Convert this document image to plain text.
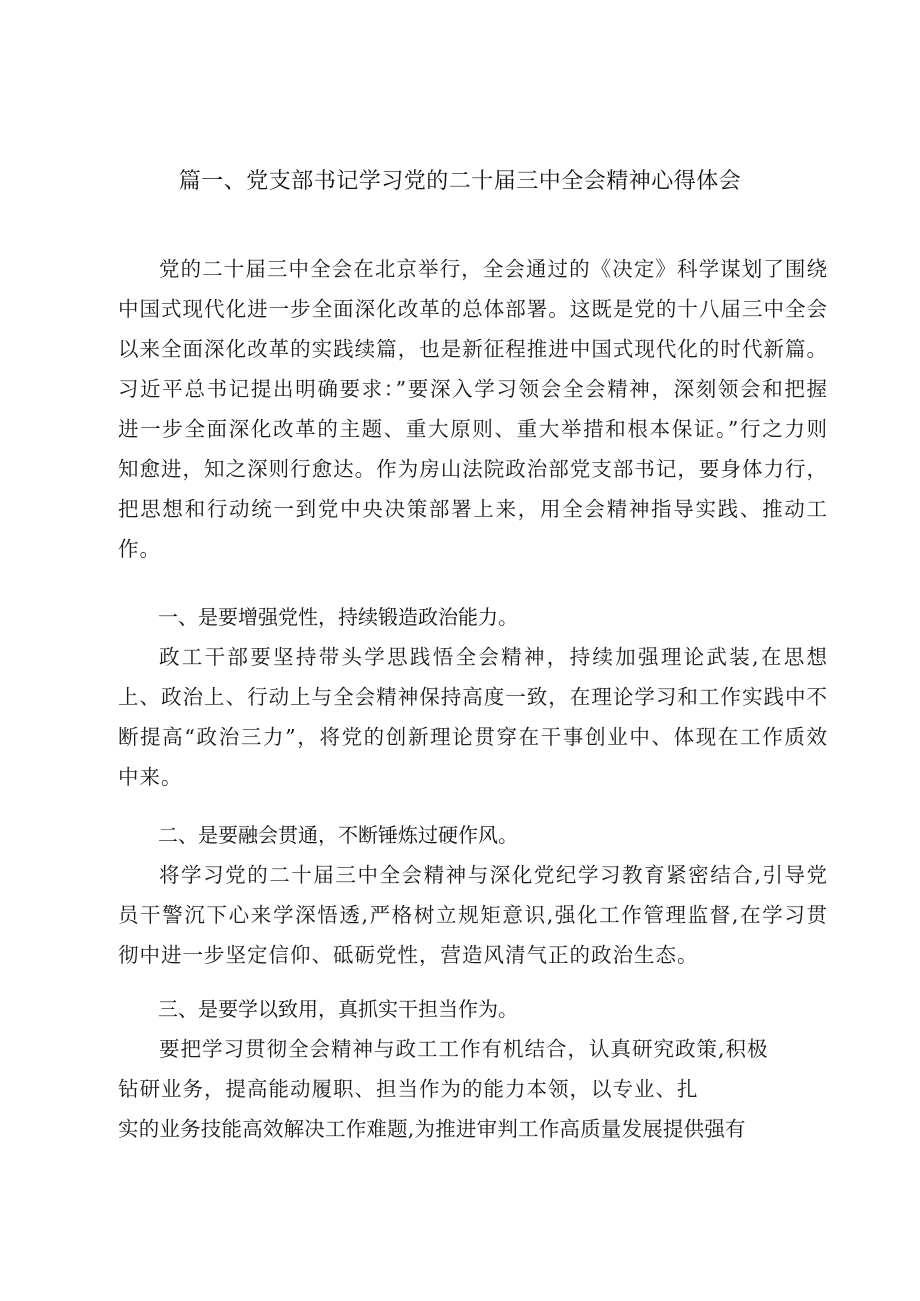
篇一、党支部书记学习党的二十届三中全会精神心得体会

党的二十届三中全会在北京举行，全会通过的《决定》科学谋划了围绕中国式现代化进一步全面深化改革的总体部署。这既是党的十八届三中全会以来全面深化改革的实践续篇，也是新征程推进中国式现代化的时代新篇。习近平总书记提出明确要求：”要深入学习领会全会精神，深刻领会和把握进一步全面深化改革的主题、重大原则、重大举措和根本保证。”行之力则知愈进，知之深则行愈达。作为房山法院政治部党支部书记，要身体力行，把思想和行动统一到党中央决策部署上来，用全会精神指导实践、推动工作。

一、是要增强党性，持续锻造政治能力。

政工干部要坚持带头学思践悟全会精神，持续加强理论武装,在思想上、政治上、行动上与全会精神保持高度一致，在理论学习和工作实践中不断提高“政治三力”，将党的创新理论贯穿在干事创业中、体现在工作质效中来。

二、是要融会贯通，不断锤炼过硬作风。

将学习党的二十届三中全会精神与深化党纪学习教育紧密结合,引导党员干警沉下心来学深悟透,严格树立规矩意识,强化工作管理监督,在学习贯彻中进一步坚定信仰、砥砺党性，营造风清气正的政治生态。

三、是要学以致用，真抓实干担当作为。

要把学习贯彻全会精神与政工工作有机结合，认真研究政策,积极
钻研业务，提高能动履职、担当作为的能力本领，以专业、扎
实的业务技能高效解决工作难题,为推进审判工作高质量发展提供强有
